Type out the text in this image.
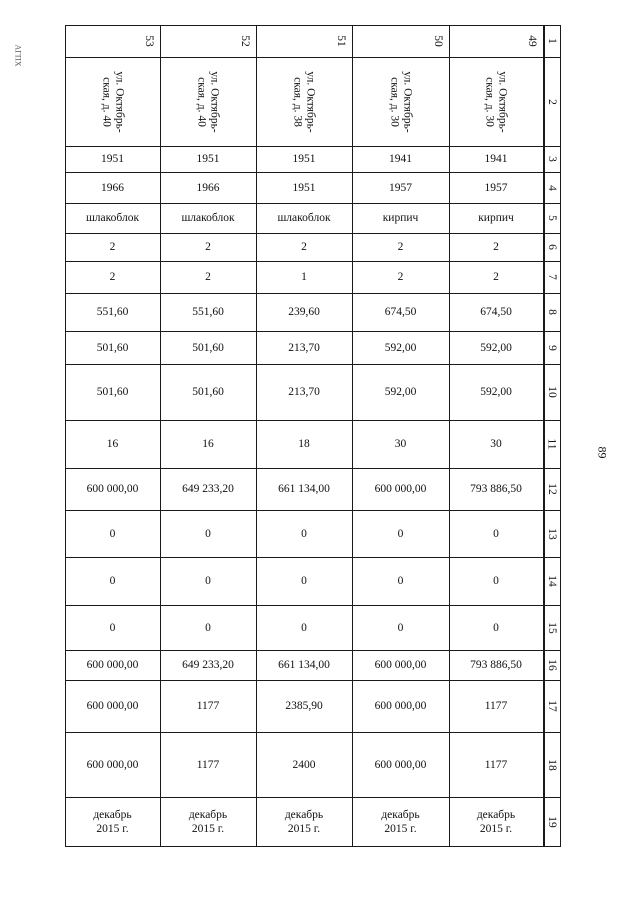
АГПХ
53
ул. Октябрь-
ская, д. 40
1951
1966
шлакоблок
2
2
551,60
501,60
501,60
16
600 000,00
0
0
0
600 000,00
600 000,00
600 000,00
декабрь
2015 г.
52
ул. Октябрь-
ская, д. 40
1951
1966
шлакоблок
2
2
551,60
501,60
501,60
16
649 233,20
0
0
0
649 233,20
1177
1177
декабрь
2015 г.
51
ул. Октябрь-
ская, д. 38
1951
1951
шлакоблок
2
1
239,60
213,70
213,70
18
661 134,00
0
0
0
661 134,00
2385,90
2400
декабрь
2015 г.
50
ул. Октябрь-
ская, д. 30
1941
1957
кирпич
2
2
674,50
592,00
592,00
30
600 000,00
0
0
0
600 000,00
600 000,00
600 000,00
декабрь
2015 г.
49
ул. Октябрь-
ская, д. 30
1941
1957
кирпич
2
2
674,50
592,00
592,00
30
793 886,50
0
0
0
793 886,50
1177
1177
декабрь
2015 г.
1
2
3
4
5
6
7
8
9
10
11
12
13
14
15
16
17
18
19
89
